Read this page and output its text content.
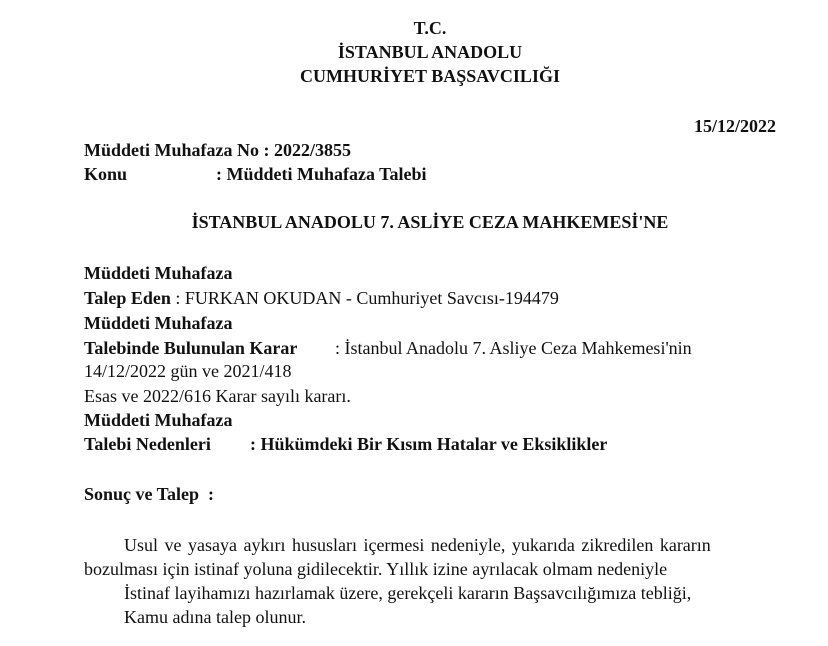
T.C.
İSTANBUL ANADOLU
CUMHURİYET BAŞSAVCILIĞI
15/12/2022
Müddeti Muhafaza No : 2022/3855
Konu	: Müddeti Muhafaza Talebi
İSTANBUL ANADOLU 7. ASLİYE CEZA MAHKEMESİ'NE
Müddeti Muhafaza
Talep Eden : FURKAN OKUDAN - Cumhuriyet Savcısı-194479
Müddeti Muhafaza
Talebinde Bulunulan Karar : İstanbul Anadolu 7. Asliye Ceza Mahkemesi'nin
14/12/2022 gün ve 2021/418
Esas ve 2022/616 Karar sayılı kararı.
Müddeti Muhafaza
Talebi Nedenleri : Hükümdeki Bir Kısım Hatalar ve Eksiklikler
Sonuç ve Talep  :
Usul ve yasaya aykırı hususları içermesi nedeniyle, yukarıda zikredilen kararın
bozulması için istinaf yoluna gidilecektir. Yıllık izine ayrılacak olmam nedeniyle
İstinaf layihamızı hazırlamak üzere, gerekçeli kararın Başsavcılığımıza tebliği,
Kamu adına talep olunur.
